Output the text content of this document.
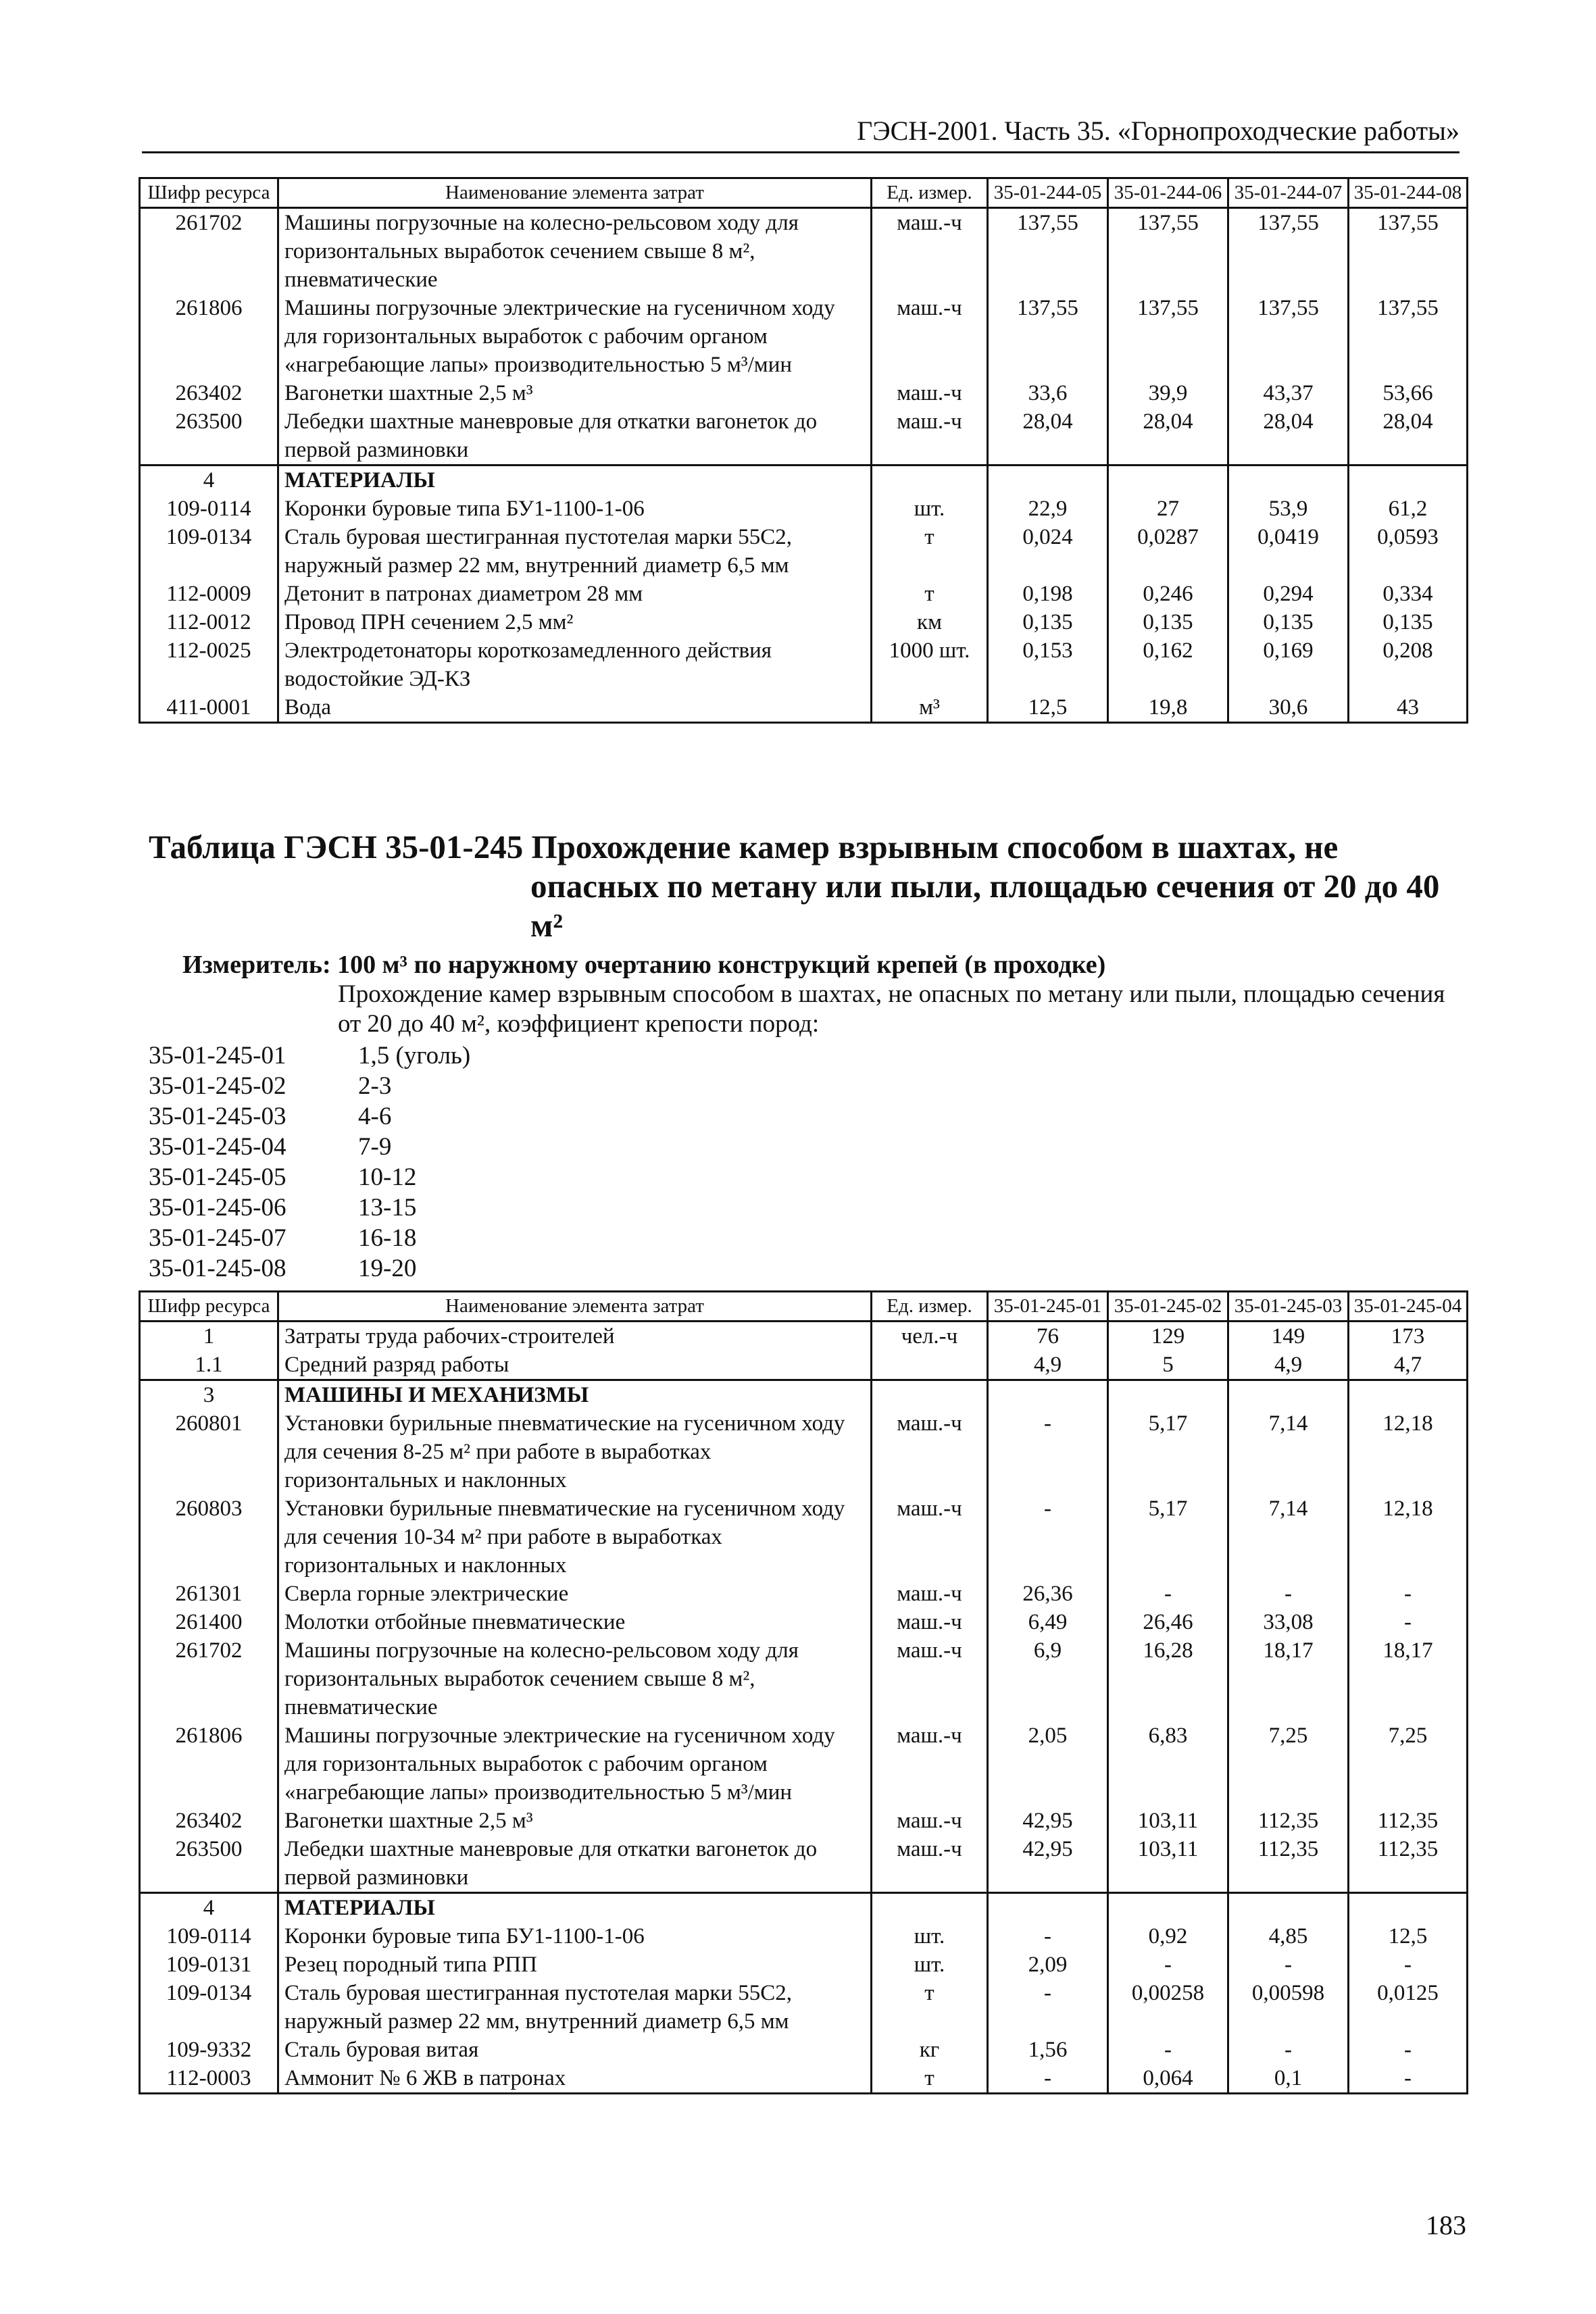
ГЭСН-2001. Часть 35. «Горнопроходческие работы»
Шифр ресурса	Наименование элемента затрат	Ед. измер.	35-01-244-05	35-01-244-06	35-01-244-07	35-01-244-08
261702	Машины погрузочные на колесно-рельсовом ходу для горизонтальных выработок сечением свыше 8 м², пневматические	маш.-ч	137,55	137,55	137,55	137,55
261806	Машины погрузочные электрические на гусеничном ходу для горизонтальных выработок с рабочим органом «нагребающие лапы» производительностью 5 м³/мин	маш.-ч	137,55	137,55	137,55	137,55
263402	Вагонетки шахтные 2,5 м³	маш.-ч	33,6	39,9	43,37	53,66
263500	Лебедки шахтные маневровые для откатки вагонеток до первой разминовки	маш.-ч	28,04	28,04	28,04	28,04
4	МАТЕРИАЛЫ					
109-0114	Коронки буровые типа БУ1-1100-1-06	шт.	22,9	27	53,9	61,2
109-0134	Сталь буровая шестигранная пустотелая марки 55С2, наружный размер 22 мм, внутренний диаметр 6,5 мм	т	0,024	0,0287	0,0419	0,0593
112-0009	Детонит в патронах диаметром 28 мм	т	0,198	0,246	0,294	0,334
112-0012	Провод ПРН сечением 2,5 мм²	км	0,135	0,135	0,135	0,135
112-0025	Электродетонаторы короткозамедленного действия водостойкие ЭД-КЗ	1000 шт.	0,153	0,162	0,169	0,208
411-0001	Вода	м³	12,5	19,8	30,6	43
Таблица ГЭСН 35-01-245 Прохождение камер взрывным способом в шахтах, не
опасных по метану или пыли, площадью сечения от 20 до 40
м²
Измеритель: 100 м³ по наружному очертанию конструкций крепей (в проходке)
Прохождение камер взрывным способом в шахтах, не опасных по метану или пыли, площадью сечения от 20 до 40 м², коэффициент крепости пород:
35-01-245-01	1,5 (уголь)
35-01-245-02	2-3
35-01-245-03	4-6
35-01-245-04	7-9
35-01-245-05	10-12
35-01-245-06	13-15
35-01-245-07	16-18
35-01-245-08	19-20
Шифр ресурса	Наименование элемента затрат	Ед. измер.	35-01-245-01	35-01-245-02	35-01-245-03	35-01-245-04
1	Затраты труда рабочих-строителей	чел.-ч	76	129	149	173
1.1	Средний разряд работы		4,9	5	4,9	4,7
3	МАШИНЫ И МЕХАНИЗМЫ					
260801	Установки бурильные пневматические на гусеничном ходу для сечения 8-25 м² при работе в выработках горизонтальных и наклонных	маш.-ч	-	5,17	7,14	12,18
260803	Установки бурильные пневматические на гусеничном ходу для сечения 10-34 м² при работе в выработках горизонтальных и наклонных	маш.-ч	-	5,17	7,14	12,18
261301	Сверла горные электрические	маш.-ч	26,36	-	-	-
261400	Молотки отбойные пневматические	маш.-ч	6,49	26,46	33,08	-
261702	Машины погрузочные на колесно-рельсовом ходу для горизонтальных выработок сечением свыше 8 м², пневматические	маш.-ч	6,9	16,28	18,17	18,17
261806	Машины погрузочные электрические на гусеничном ходу для горизонтальных выработок с рабочим органом «нагребающие лапы» производительностью 5 м³/мин	маш.-ч	2,05	6,83	7,25	7,25
263402	Вагонетки шахтные 2,5 м³	маш.-ч	42,95	103,11	112,35	112,35
263500	Лебедки шахтные маневровые для откатки вагонеток до первой разминовки	маш.-ч	42,95	103,11	112,35	112,35
4	МАТЕРИАЛЫ					
109-0114	Коронки буровые типа БУ1-1100-1-06	шт.	-	0,92	4,85	12,5
109-0131	Резец породный типа РПП	шт.	2,09	-	-	-
109-0134	Сталь буровая шестигранная пустотелая марки 55С2, наружный размер 22 мм, внутренний диаметр 6,5 мм	т	-	0,00258	0,00598	0,0125
109-9332	Сталь буровая витая	кг	1,56	-	-	-
112-0003	Аммонит № 6 ЖВ в патронах	т	-	0,064	0,1	-
183
